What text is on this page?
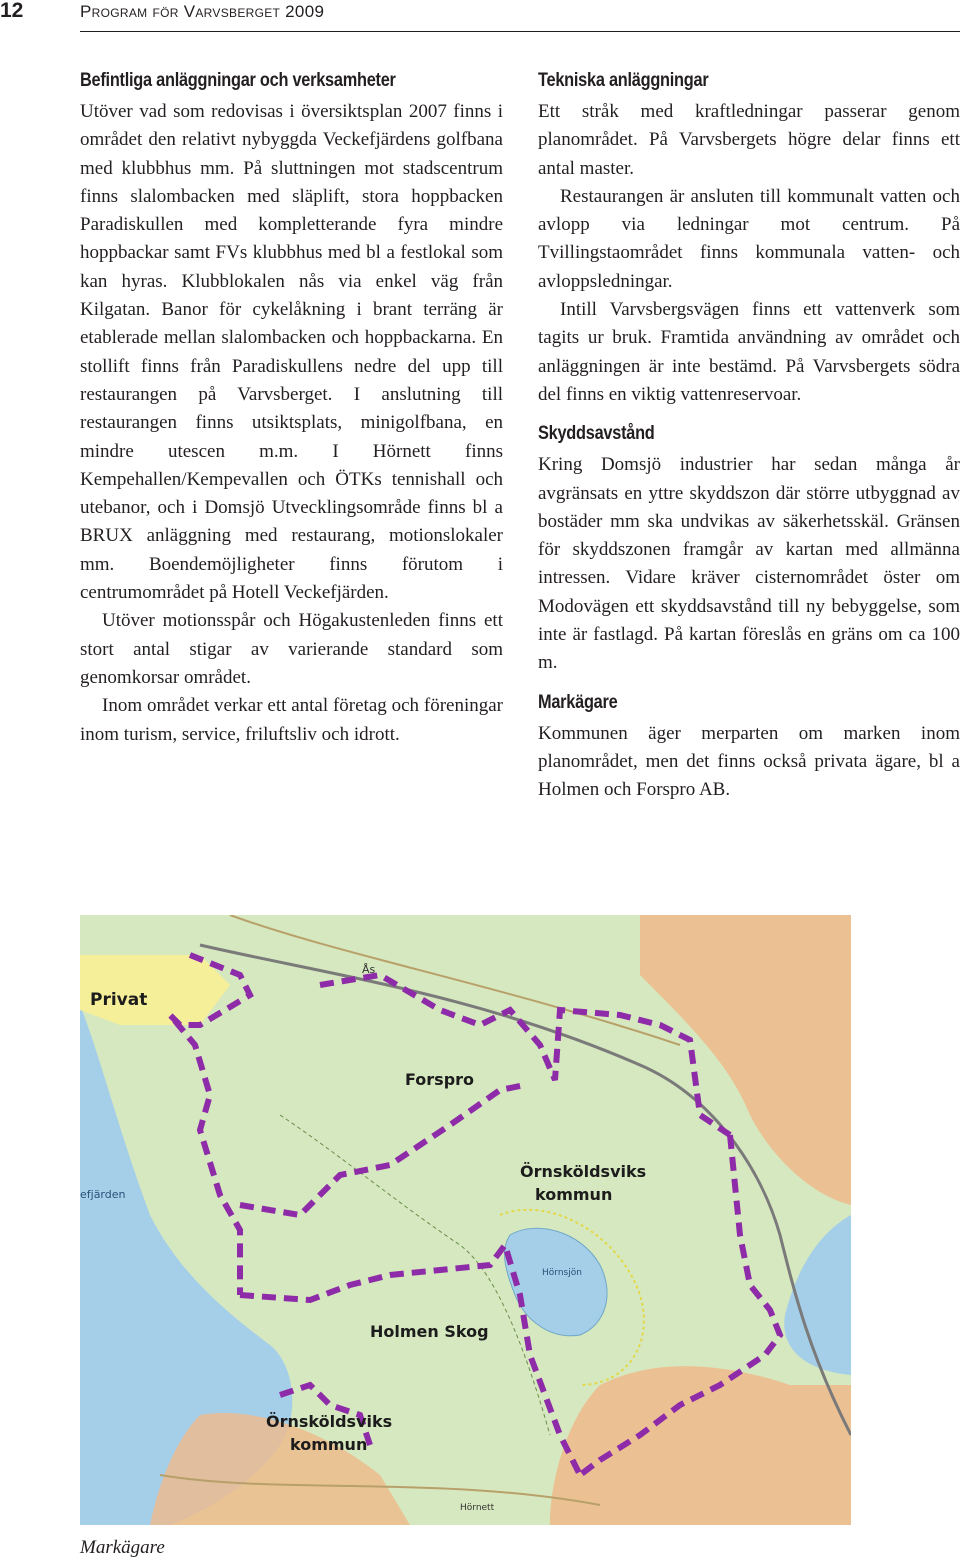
12	Program för Varvsberget 2009
Befintliga anläggningar och verksamheter

Utöver vad som redovisas i översiktsplan 2007 finns i området den relativt nybyggda Veckefjärdens golfbana med klubbhus mm. På sluttningen mot stadscentrum finns slalombacken med släplift, stora hoppbacken Paradiskullen med kompletterande fyra mindre hoppbackar samt FVs klubbhus med bl a festlokal som kan hyras. Klubblokalen nås via enkel väg från Kilgatan. Banor för cykelåkning i brant terräng är etablerade mellan slalombacken och hoppbackarna. En stollift finns från Paradiskullens nedre del upp till restaurangen på Varvsberget. I anslutning till restaurangen finns utsiktsplats, minigolfbana, en mindre utescen m.m. I Hörnett finns Kempehallen/Kempevallen och ÖTKs tennishall och utebanor, och i Domsjö Utvecklingsområde finns bl a BRUX anläggning med restaurang, motionslokaler mm. Boendemöjligheter finns förutom i centrumområdet på Hotell Veckefjärden.

Utöver motionsspår och Högakustenleden finns ett stort antal stigar av varierande standard som genomkorsar området.

Inom området verkar ett antal företag och föreningar inom turism, service, friluftsliv och idrott.

Tekniska anläggningar

Ett stråk med kraftledningar passerar genom planområdet. På Varvsbergets högre delar finns ett antal master.

Restaurangen är ansluten till kommunalt vatten och avlopp via ledningar mot centrum. På Tvillingstaområdet finns kommunala vatten- och avloppsledningar.

Intill Varvsbergsvägen finns ett vattenverk som tagits ur bruk. Framtida användning av området och anläggningen är inte bestämd. På Varvsbergets södra del finns en viktig vattenreservoar.

Skyddsavstånd

Kring Domsjö industrier har sedan många år avgränsats en yttre skyddszon där större utbyggnad av bostäder mm ska undvikas av säkerhetsskäl. Gränsen för skyddszonen framgår av kartan med allmänna intressen. Vidare kräver cisternområdet öster om Modovägen ett skyddsavstånd till ny bebyggelse, som inte är fastlagd. På kartan föreslås en gräns om ca 100 m.

Markägare

Kommunen äger merparten om marken inom planområdet, men det finns också privata ägare, bl a Holmen och Forspro AB.

Privat
Forspro
Örnsköldsviks
kommun
Holmen Skog
Örnsköldsviks
kommun
Ås
efjärden
Hörnsjön
Hörnett
Markägare
